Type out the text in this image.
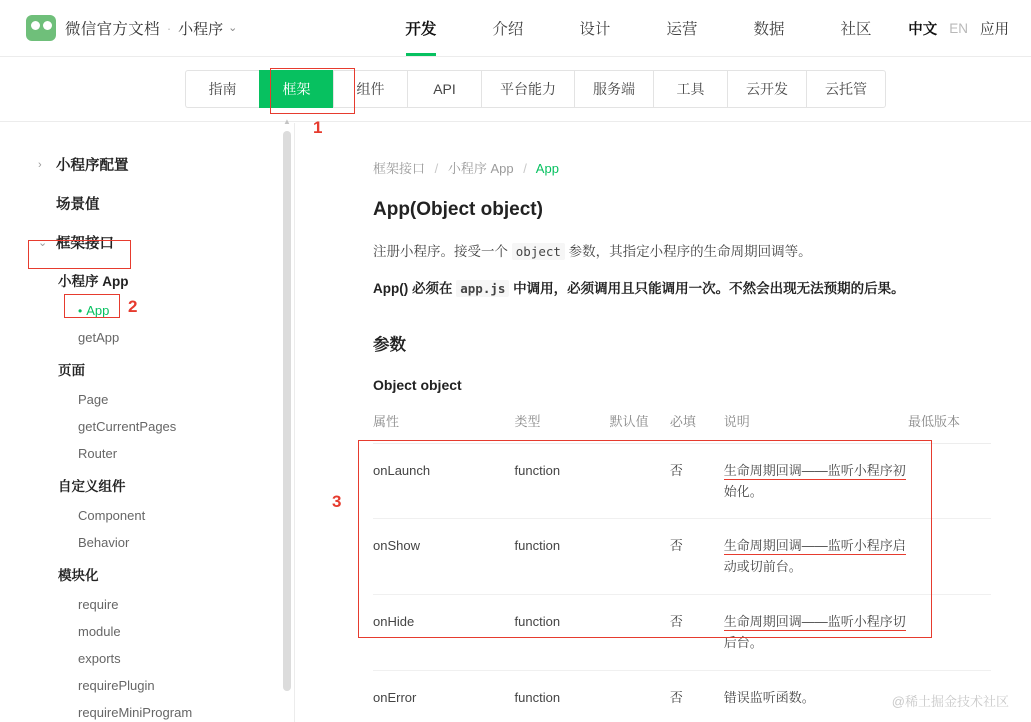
微信官方文档 · 小程序 ⌄	开发	介绍	设计	运营	数据	社区	中文 EN 应用
指南	框架	组件	API	平台能力	服务端	工具	云开发	云托管
1
› 小程序配置
场景值
⌄ 框架接口
小程序 App
• App
getApp
页面
Page
getCurrentPages
Router
自定义组件
Component
Behavior
模块化
require
module
exports
requirePlugin
requireMiniProgram
▲
2
框架接口 / 小程序 App / App
App(Object object)

注册小程序。接受一个 object 参数，其指定小程序的生命周期回调等。

App() 必须在 app.js 中调用，必须调用且只能调用一次。不然会出现无法预期的后果。

参数
Object object
属性	类型	默认值	必填	说明	最低版本
onLaunch	function		否	生命周期回调——监听小程序初始化。	
onShow	function		否	生命周期回调——监听小程序启动或切前台。	
onHide	function		否	生命周期回调——监听小程序切后台。	
onError	function		否	错误监听函数。	
3
@稀土掘金技术社区
